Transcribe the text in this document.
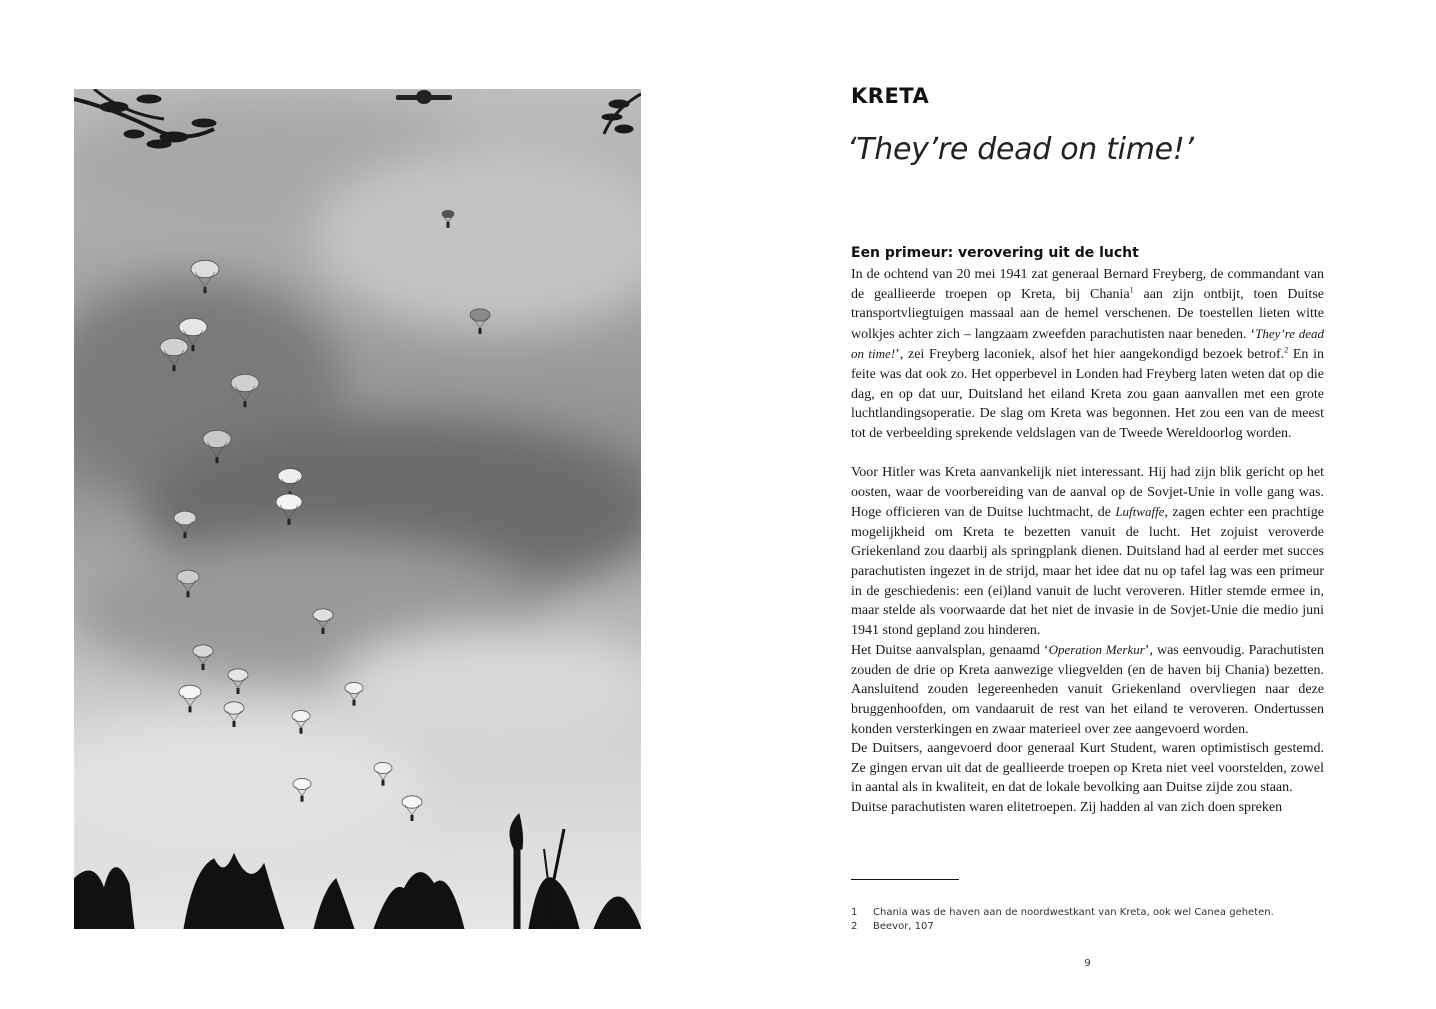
KRETA
‘They’re dead on time!’
Een primeur: verovering uit de lucht

In de ochtend van 20 mei 1941 zat generaal Bernard Freyberg, de commandant van de geallieerde troepen op Kreta, bij Chania$^1$ aan zijn ontbijt, toen Duitse transportvliegtuigen massaal aan de hemel verschenen. De toestellen lieten witte wolkjes achter zich – langzaam zweefden parachutisten naar beneden. ‘They’re dead on time!’, zei Freyberg laconiek, alsof het hier aangekondigd bezoek betrof.$^2$ En in feite was dat ook zo. Het opperbevel in Londen had Freyberg laten weten dat op die dag, en op dat uur, Duitsland het eiland Kreta zou gaan aanvallen met een grote luchtlandingsoperatie. De slag om Kreta was begonnen. Het zou een van de meest tot de verbeelding sprekende veldslagen van de Tweede Wereldoorlog worden.

Voor Hitler was Kreta aanvankelijk niet interessant. Hij had zijn blik gericht op het oosten, waar de voorbereiding van de aanval op de Sovjet-Unie in volle gang was. Hoge officieren van de Duitse luchtmacht, de Luftwaffe, zagen echter een prachtige mogelijkheid om Kreta te bezetten vanuit de lucht. Het zojuist veroverde Griekenland zou daarbij als springplank dienen. Duitsland had al eerder met succes parachutisten ingezet in de strijd, maar het idee dat nu op tafel lag was een primeur in de geschiedenis: een (ei)land vanuit de lucht veroveren. Hitler stemde ermee in, maar stelde als voorwaarde dat het niet de invasie in de Sovjet-Unie die medio juni 1941 stond gepland zou hinderen.

Het Duitse aanvalsplan, genaamd ‘Operation Merkur’, was eenvoudig. Parachutisten zouden de drie op Kreta aanwezige vliegvelden (en de haven bij Chania) bezetten. Aansluitend zouden legereenheden vanuit Griekenland overvliegen naar deze bruggenhoofden, om vandaaruit de rest van het eiland te veroveren. Ondertussen konden versterkingen en zwaar materieel over zee aangevoerd worden.

De Duitsers, aangevoerd door generaal Kurt Student, waren optimistisch gestemd. Ze gingen ervan uit dat de geallieerde troepen op Kreta niet veel voorstelden, zowel in aantal als in kwaliteit, en dat de lokale bevolking aan Duitse zijde zou staan.

Duitse parachutisten waren elitetroepen. Zij hadden al van zich doen spreken

1	Chania was de haven aan de noordwestkant van Kreta, ook wel Canea geheten.
2	Beevor, 107
9
